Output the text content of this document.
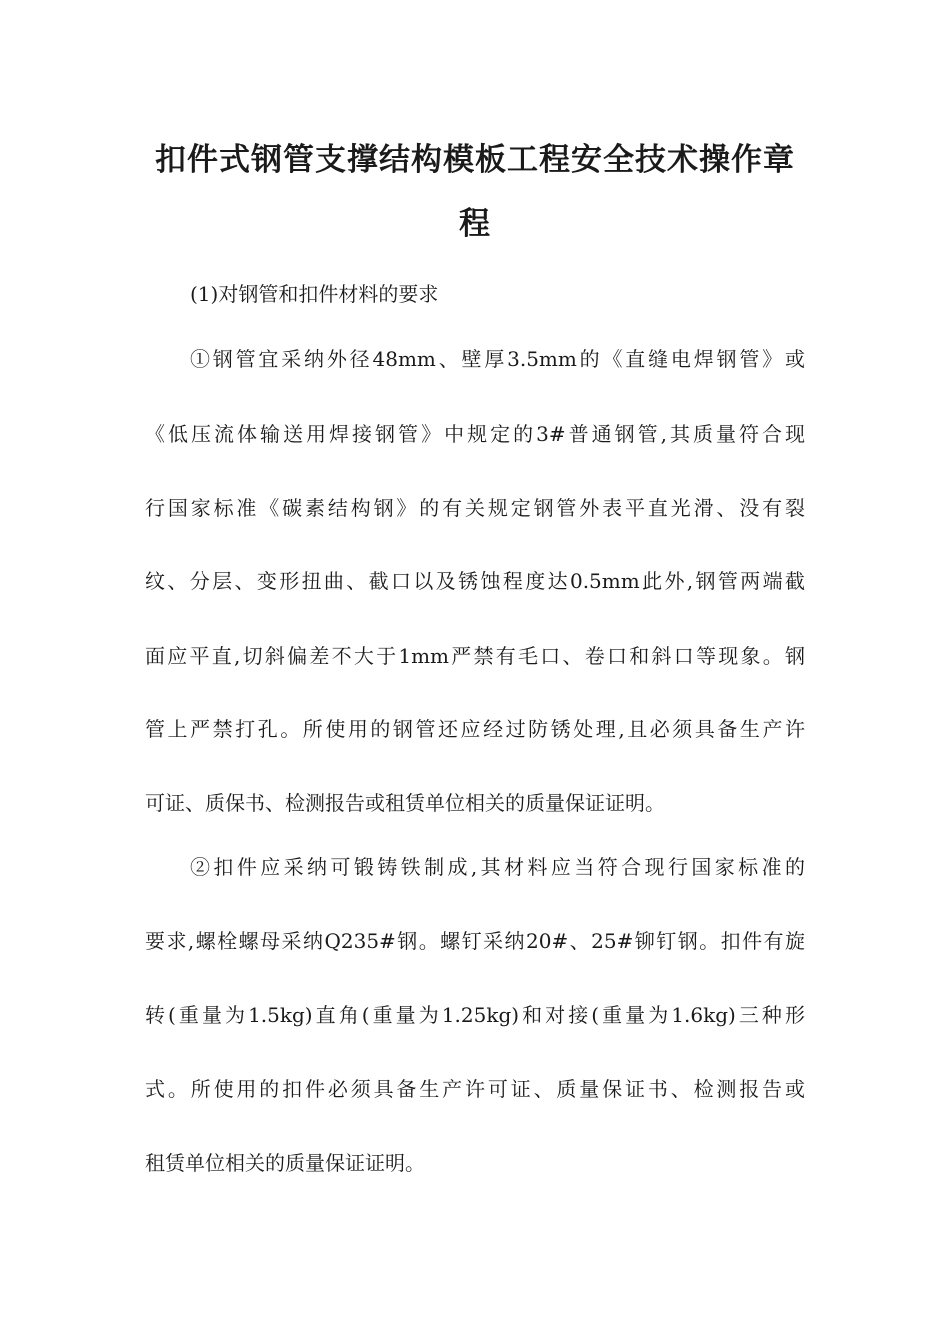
扣件式钢管支撑结构模板工程安全技术操作章
程

(1)对钢管和扣件材料的要求

①钢管宜采纳外径48mm、壁厚3.5mm的《直缝电焊钢管》或

《低压流体输送用焊接钢管》中规定的3#普通钢管,其质量符合现

行国家标准《碳素结构钢》的有关规定钢管外表平直光滑、没有裂

纹、分层、变形扭曲、截口以及锈蚀程度达0.5mm此外,钢管两端截

面应平直,切斜偏差不大于1mm严禁有毛口、卷口和斜口等现象。钢

管上严禁打孔。所使用的钢管还应经过防锈处理,且必须具备生产许

可证、质保书、检测报告或租赁单位相关的质量保证证明。

②扣件应采纳可锻铸铁制成,其材料应当符合现行国家标准的

要求,螺栓螺母采纳Q235#钢。螺钉采纳20#、25#铆钉钢。扣件有旋

转(重量为1.5kg)直角(重量为1.25kg)和对接(重量为1.6kg)三种形

式。所使用的扣件必须具备生产许可证、质量保证书、检测报告或

租赁单位相关的质量保证证明。
